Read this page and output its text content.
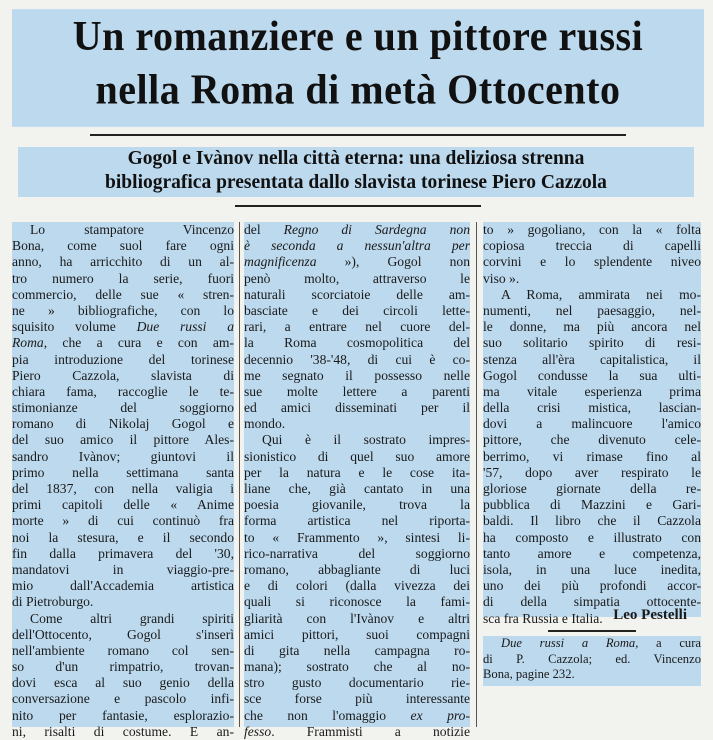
Un romanziere e un pittore russi
nella Roma di metà Ottocento
Gogol e Ivànov nella città eterna: una deliziosa strenna
bibliografica presentata dallo slavista torinese Piero Cazzola
Lo stampatore Vincenzo
Bona, come suol fare ogni
anno, ha arricchito di un al-
tro numero la serie, fuori
commercio, delle sue « stren-
ne » bibliografiche, con lo
squisito volume Due russi a
Roma, che a cura e con am-
pia introduzione del torinese
Piero Cazzola, slavista di
chiara fama, raccoglie le te-
stimonianze del soggiorno
romano di Nikolaj Gogol e
del suo amico il pittore Ales-
sandro Ivànov; giuntovi il
primo nella settimana santa
del 1837, con nella valigia i
primi capitoli delle « Anime
morte » di cui continuò fra
noi la stesura, e il secondo
fin dalla primavera del '30,
mandatovi in viaggio-pre-
mio dall'Accademia artistica
di Pietroburgo.
Come altri grandi spiriti
dell'Ottocento, Gogol s'inserì
nell'ambiente romano col sen-
so d'un rimpatrio, trovan-
dovi esca al suo genio della
conversazione e pascolo infi-
nito per fantasie, esplorazio-
ni, risalti di costume. E an-
del Regno di Sardegna non
è seconda a nessun'altra per
magnificenza »), Gogol non
penò molto, attraverso le
naturali scorciatoie delle am-
basciate e dei circoli lette-
rari, a entrare nel cuore del-
la Roma cosmopolitica del
decennio '38-'48, di cui è co-
me segnato il possesso nelle
sue molte lettere a parenti
ed amici disseminati per il
mondo.
Qui è il sostrato impres-
sionistico di quel suo amore
per la natura e le cose ita-
liane che, già cantato in una
poesia giovanile, trova la
forma artistica nel riporta-
to « Frammento », sintesi li-
rico-narrativa del soggiorno
romano, abbagliante di luci
e di colori (dalla vivezza dei
quali si riconosce la fami-
gliarità con l'Ivànov e altri
amici pittori, suoi compagni
di gita nella campagna ro-
mana); sostrato che al no-
stro gusto documentario rie-
sce forse più interessante
che non l'omaggio ex pro-
fesso. Frammisti a notizie
to » gogoliano, con la « folta
copiosa treccia di capelli
corvini e lo splendente niveo
viso ».
A Roma, ammirata nei mo-
numenti, nel paesaggio, nel-
le donne, ma più ancora nel
suo solitario spirito di resi-
stenza all'èra capitalistica, il
Gogol condusse la sua ulti-
ma vitale esperienza prima
della crisi mistica, lascian-
dovi a malincuore l'amico
pittore, che divenuto cele-
berrimo, vi rimase fino al
'57, dopo aver respirato le
gloriose giornate della re-
pubblica di Mazzini e Gari-
baldi. Il libro che il Cazzola
ha composto e illustrato con
tanto amore e competenza,
isola, in una luce inedita,
uno dei più profondi accor-
di della simpatia ottocente-
sca fra Russia e Italia. Leo Pestelli
Due russi a Roma, a cura
di P. Cazzola; ed. Vincenzo
Bona, pagine 232.
